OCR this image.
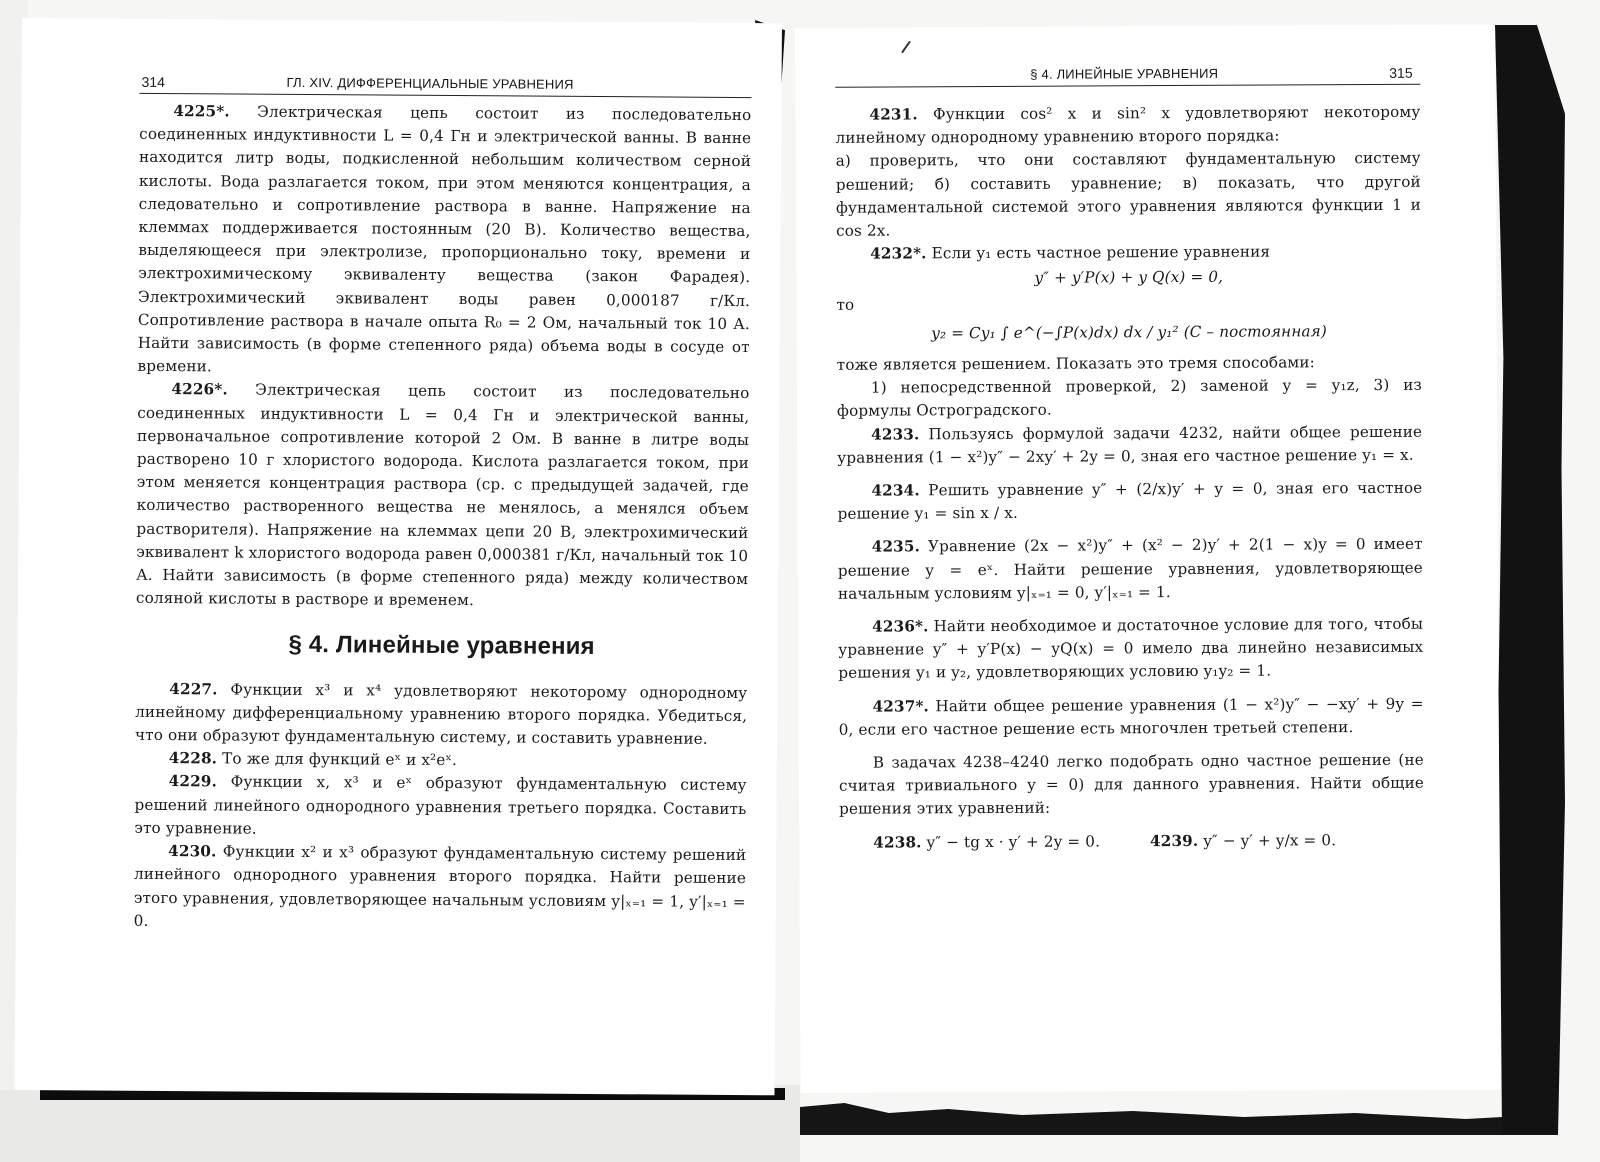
314	ГЛ. XIV. ДИФФЕРЕНЦИАЛЬНЫЕ УРАВНЕНИЯ

4225*. Электрическая цепь состоит из последовательно соединенных индуктивности L = 0,4 Гн и электрической ванны. В ванне находится литр воды, подкисленной небольшим количеством серной кислоты. Вода разлагается током, при этом меняются концентрация, а следовательно и сопротивление раствора в ванне. Напряжение на клеммах поддерживается постоянным (20 В). Количество вещества, выделяющееся при электролизе, пропорционально току, времени и электрохимическому эквиваленту вещества (закон Фарадея). Электрохимический эквивалент воды равен 0,000187 г/Кл. Сопротивление раствора в начале опыта R₀ = 2 Ом, начальный ток 10 А. Найти зависимость (в форме степенного ряда) объема воды в сосуде от времени.

4226*. Электрическая цепь состоит из последовательно соединенных индуктивности L = 0,4 Гн и электрической ванны, первоначальное сопротивление которой 2 Ом. В ванне в литре воды растворено 10 г хлористого водорода. Кислота разлагается током, при этом меняется концентрация раствора (ср. с предыдущей задачей, где количество растворенного вещества не менялось, а менялся объем растворителя). Напряжение на клеммах цепи 20 В, электрохимический эквивалент k хлористого водорода равен 0,000381 г/Кл, начальный ток 10 А. Найти зависимость (в форме степенного ряда) между количеством соляной кислоты в растворе и временем.

§ 4. Линейные уравнения

4227. Функции x³ и x⁴ удовлетворяют некоторому однородному линейному дифференциальному уравнению второго порядка. Убедиться, что они образуют фундаментальную систему, и составить уравнение.

4228. То же для функций eˣ и x²eˣ.

4229. Функции x, x³ и eˣ образуют фундаментальную систему решений линейного однородного уравнения третьего порядка. Составить это уравнение.

4230. Функции x² и x³ образуют фундаментальную систему решений линейного однородного уравнения второго порядка. Найти решение этого уравнения, удовлетворяющее начальным условиям y|ₓ₌₁ = 1, y′|ₓ₌₁ = 0.

§ 4. ЛИНЕЙНЫЕ УРАВНЕНИЯ	315

4231. Функции cos² x и sin² x удовлетворяют некоторому линейному однородному уравнению второго порядка:

а) проверить, что они составляют фундаментальную систему решений; б) составить уравнение; в) показать, что другой фундаментальной системой этого уравнения являются функции 1 и cos 2x.

4232*. Если y₁ есть частное решение уравнения

y″ + y′P(x) + y Q(x) = 0,

то

y₂ = Cy₁ ∫ e^(−∫P(x)dx) dx / y₁² (C – постоянная)

тоже является решением. Показать это тремя способами:

1) непосредственной проверкой, 2) заменой y = y₁z, 3) из формулы Остроградского.

4233. Пользуясь формулой задачи 4232, найти общее решение уравнения (1 − x²)y″ − 2xy′ + 2y = 0, зная его частное решение y₁ = x.

4234. Решить уравнение y″ + (2/x)y′ + y = 0, зная его частное решение y₁ = sin x / x.

4235. Уравнение (2x − x²)y″ + (x² − 2)y′ + 2(1 − x)y = 0 имеет решение y = eˣ. Найти решение уравнения, удовлетворяющее начальным условиям y|ₓ₌₁ = 0, y′|ₓ₌₁ = 1.

4236*. Найти необходимое и достаточное условие для того, чтобы уравнение y″ + y′P(x) − yQ(x) = 0 имело два линейно независимых решения y₁ и y₂, удовлетворяющих условию y₁y₂ = 1.

4237*. Найти общее решение уравнения (1 − x²)y″ − −xy′ + 9y = 0, если его частное решение есть многочлен третьей степени.

В задачах 4238–4240 легко подобрать одно частное решение (не считая тривиального y = 0) для данного уравнения. Найти общие решения этих уравнений:

4238. y″ − tg x · y′ + 2y = 0.	4239. y″ − y′ + y/x = 0.
